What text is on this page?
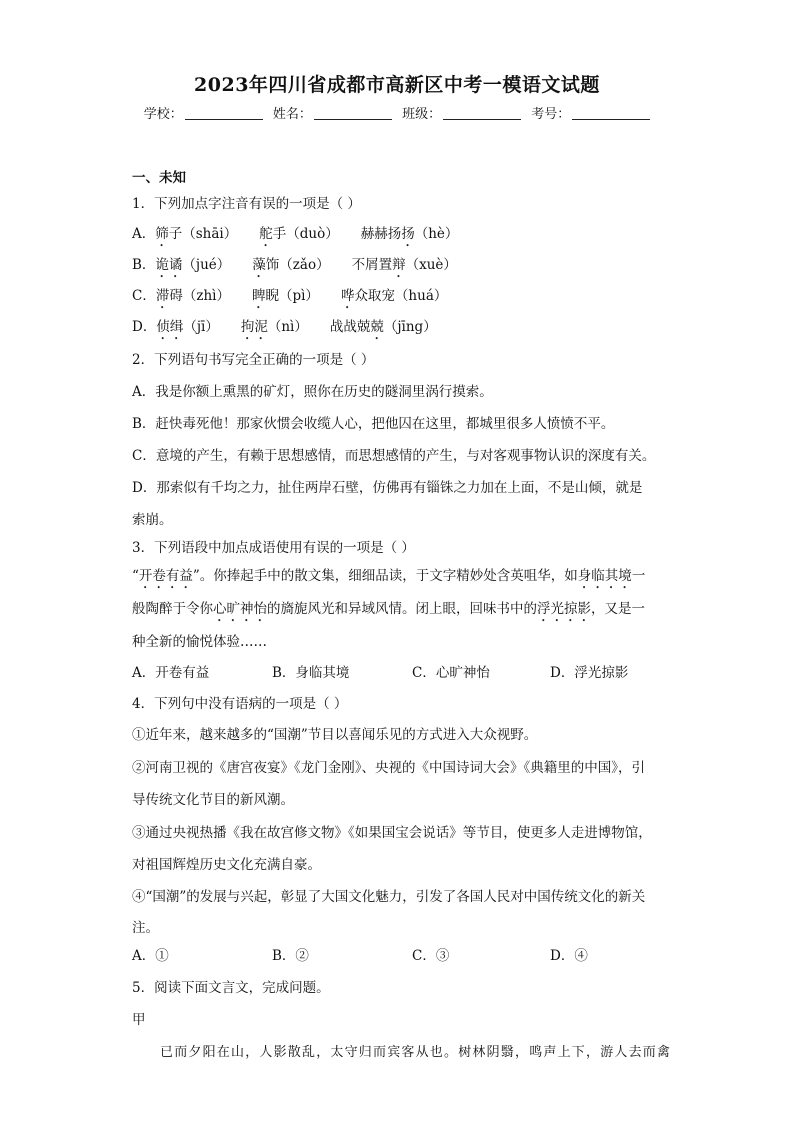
2023年四川省成都市高新区中考一模语文试题
学校：	姓名：	班级：	考号：
一、未知
1．下列加点字注音有误的一项是（ ）
A．筛子（shāi） 舵手（duò） 赫赫扬扬（hè）
B．诡谲（jué） 藻饰（zǎo） 不屑置辩（xuè）
C．滞碍（zhì） 睥睨（pì） 哗众取宠（huá）
D．侦缉（jī） 拘泥（nì） 战战兢兢（jīng）
2．下列语句书写完全正确的一项是（ ）
A．我是你额上熏黑的矿灯，照你在历史的隧洞里涡行摸索。
B．赶快毒死他！那家伙惯会收缆人心，把他囚在这里，都城里很多人愤愤不平。
C．意境的产生，有赖于思想感情，而思想感情的产生，与对客观事物认识的深度有关。
D．那索似有千均之力，扯住两岸石壁，仿佛再有锱铢之力加在上面，不是山倾，就是
索崩。
3．下列语段中加点成语使用有误的一项是（ ）
“开卷有益”。你捧起手中的散文集，细细品读，于文字精妙处含英咀华，如身临其境一
般陶醉于令你心旷神怡的旖旎风光和异域风情。闭上眼，回味书中的浮光掠影，又是一
种全新的愉悦体验……
A．开卷有益	B．身临其境	C．心旷神怡	D．浮光掠影
4．下列句中没有语病的一项是（ ）
①近年来，越来越多的“国潮”节目以喜闻乐见的方式进入大众视野。
②河南卫视的《唐宫夜宴》《龙门金刚》、央视的《中国诗词大会》《典籍里的中国》，引
导传统文化节目的新风潮。
③通过央视热播《我在故宫修文物》《如果国宝会说话》等节目，使更多人走进博物馆，
对祖国辉煌历史文化充满自豪。
④“国潮”的发展与兴起，彰显了大国文化魅力，引发了各国人民对中国传统文化的新关
注。
A．①	B．②	C．③	D．④
5．阅读下面文言文，完成问题。
甲
已而夕阳在山，人影散乱，太守归而宾客从也。树林阴翳，鸣声上下，游人去而禽
